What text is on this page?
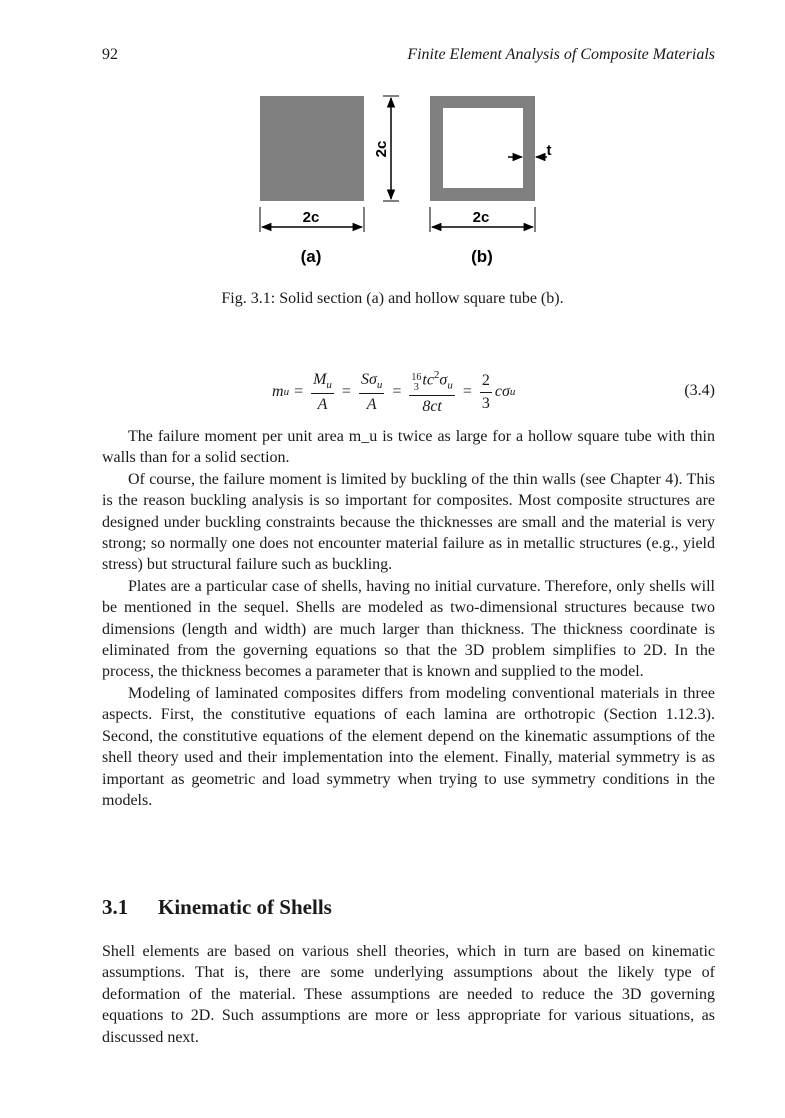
92	Finite Element Analysis of Composite Materials
2c
2c
(a)
t
2c
(b)
Fig. 3.1: Solid section (a) and hollow square tube (b).
m $u = \frac{M_u}{A} = \frac{S\sigma_u}{A} = 16$
3 $tc^2\sigma_u$
$8ct = \frac{2}{3}$ cσ u	(3.4)

The failure moment per unit area m_u is twice as large for a hollow square tube with thin walls than for a solid section.

Of course, the failure moment is limited by buckling of the thin walls (see Chapter 4). This is the reason buckling analysis is so important for composites. Most composite structures are designed under buckling constraints because the thicknesses are small and the material is very strong; so normally one does not encounter material failure as in metallic structures (e.g., yield stress) but structural failure such as buckling.

Plates are a particular case of shells, having no initial curvature. Therefore, only shells will be mentioned in the sequel. Shells are modeled as two-dimensional structures because two dimensions (length and width) are much larger than thickness. The thickness coordinate is eliminated from the governing equations so that the 3D problem simplifies to 2D. In the process, the thickness becomes a parameter that is known and supplied to the model.

Modeling of laminated composites differs from modeling conventional materials in three aspects. First, the constitutive equations of each lamina are orthotropic (Section 1.12.3). Second, the constitutive equations of the element depend on the kinematic assumptions of the shell theory used and their implementation into the element. Finally, material symmetry is as important as geometric and load symmetry when trying to use symmetry conditions in the models.

3.1 Kinematic of Shells

Shell elements are based on various shell theories, which in turn are based on kinematic assumptions. That is, there are some underlying assumptions about the likely type of deformation of the material. These assumptions are needed to reduce the 3D governing equations to 2D. Such assumptions are more or less appropriate for various situations, as discussed next.
